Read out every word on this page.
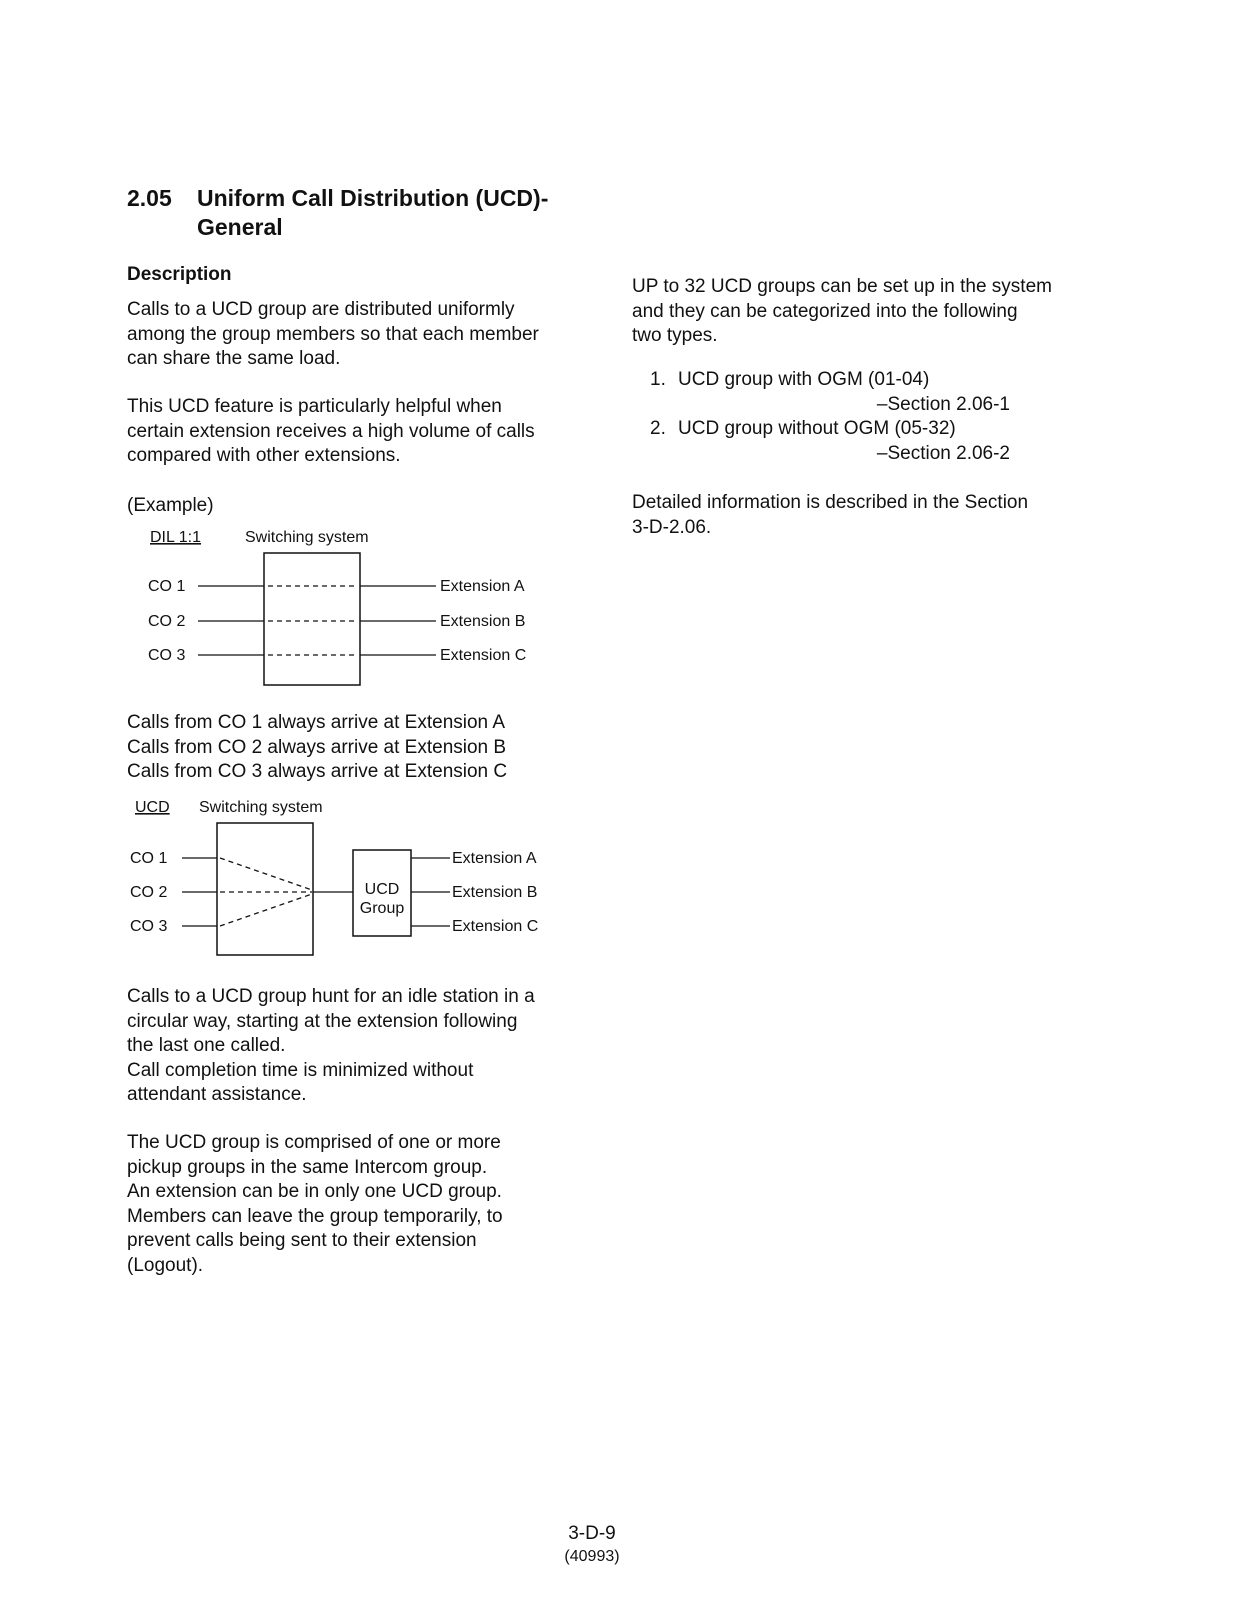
2.05 Uniform Call Distribution (UCD)-
General
Description
Calls to a UCD group are distributed uniformly
among the group members so that each member
can share the same load.
This UCD feature is particularly helpful when
certain extension receives a high volume of calls
compared with other extensions.
(Example)
DIL 1:1	Switching system
CO 1	Extension A
CO 2	Extension B
CO 3	Extension C
Calls from CO 1 always arrive at Extension A
Calls from CO 2 always arrive at Extension B
Calls from CO 3 always arrive at Extension C
UCD Switching system
CO 1
CO 2
CO 3
UCD
Group
Extension A
Extension B
Extension C
Calls to a UCD group hunt for an idle station in a
circular way, starting at the extension following
the last one called.
Call completion time is minimized without
attendant assistance.
The UCD group is comprised of one or more
pickup groups in the same Intercom group.
An extension can be in only one UCD group.
Members can leave the group temporarily, to
prevent calls being sent to their extension
(Logout).
UP to 32 UCD groups can be set up in the system
and they can be categorized into the following
two types.
1. UCD group with OGM (01-04)
–Section 2.06-1
2. UCD group without OGM (05-32)
–Section 2.06-2
Detailed information is described in the Section
3-D-2.06.
3-D-9
(40993)
